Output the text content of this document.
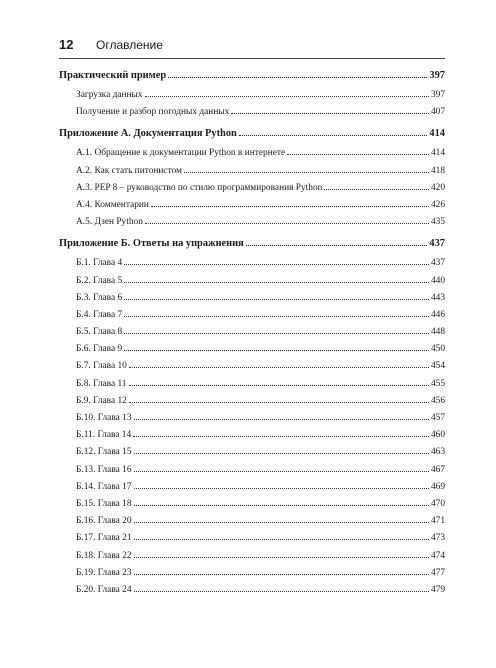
12	Оглавление
Практический пример	397
Загрузка данных	397
Получение и разбор погодных данных	407
Приложение А. Документация Python	414
А.1. Обращение к документации Python в интернете	414
А.2. Как стать питонистом	418
А.3. PEP 8 – руководство по стилю программирования Python	420
А.4. Комментарии	426
А.5. Дзен Python	435
Приложение Б. Ответы на упражнения	437
Б.1. Глава 4	437
Б.2. Глава 5	440
Б.3. Глава 6	443
Б.4. Глава 7	446
Б.5. Глава 8	448
Б.6. Глава 9	450
Б.7. Глава 10	454
Б.8. Глава 11	455
Б.9. Глава 12	456
Б.10. Глава 13	457
Б.11. Глава 14	460
Б.12. Глава 15	463
Б.13. Глава 16	467
Б.14. Глава 17	469
Б.15. Глава 18	470
Б.16. Глава 20	471
Б.17. Глава 21	473
Б.18. Глава 22	474
Б.19. Глава 23	477
Б.20. Глава 24	479
